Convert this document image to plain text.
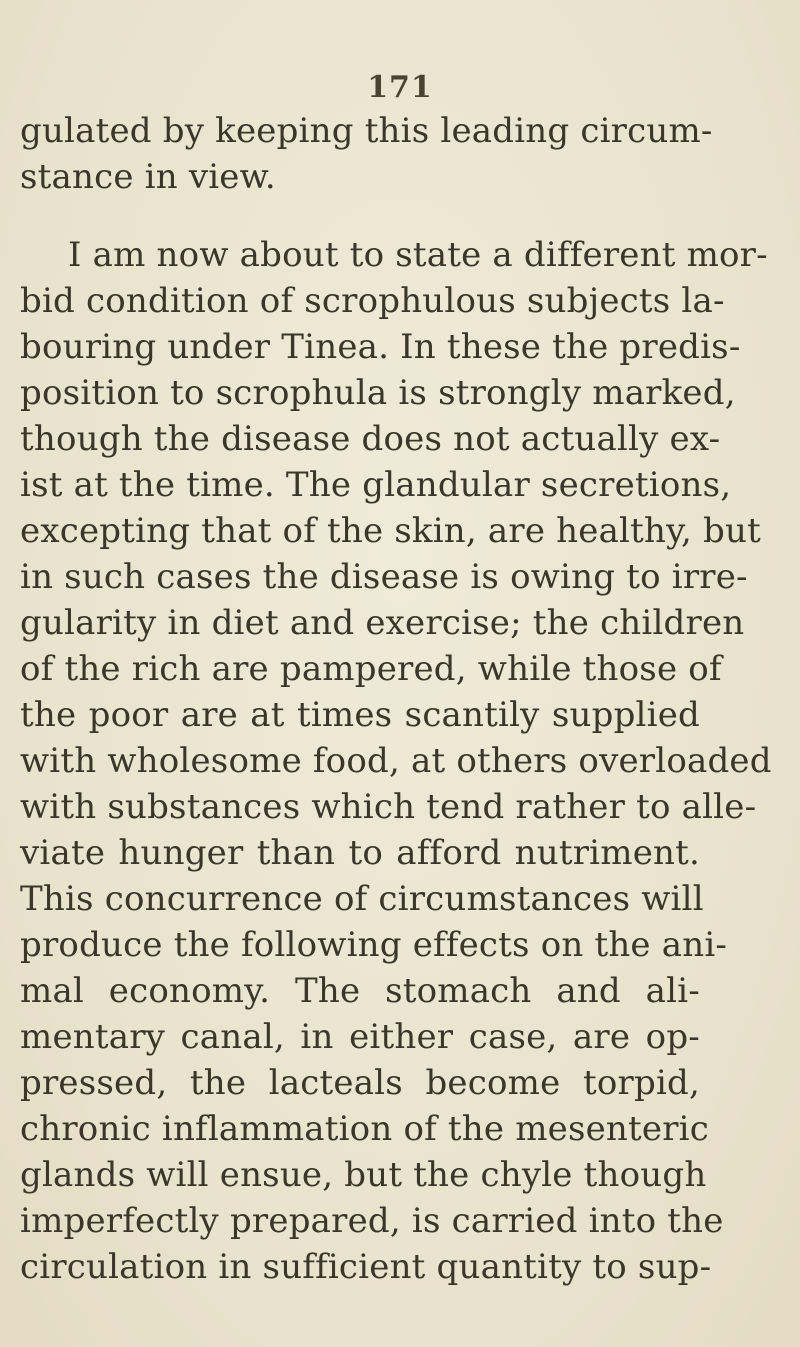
171
gulated by keeping this leading circum-
stance in view.
I am now about to state a different mor-
bid condition of scrophulous subjects la-
bouring under Tinea. In these the predis-
position to scrophula is strongly marked,
though the disease does not actually ex-
ist at the time. The glandular secretions,
excepting that of the skin, are healthy, but
in such cases the disease is owing to irre-
gularity in diet and exercise; the children
of the rich are pampered, while those of
the poor are at times scantily supplied
with wholesome food, at others overloaded
with substances which tend rather to alle-
viate hunger than to afford nutriment.
This concurrence of circumstances will
produce the following effects on the ani-
mal economy. The stomach and ali-
mentary canal, in either case, are op-
pressed, the lacteals become torpid,
chronic inflammation of the mesenteric
glands will ensue, but the chyle though
imperfectly prepared, is carried into the
circulation in sufficient quantity to sup-
